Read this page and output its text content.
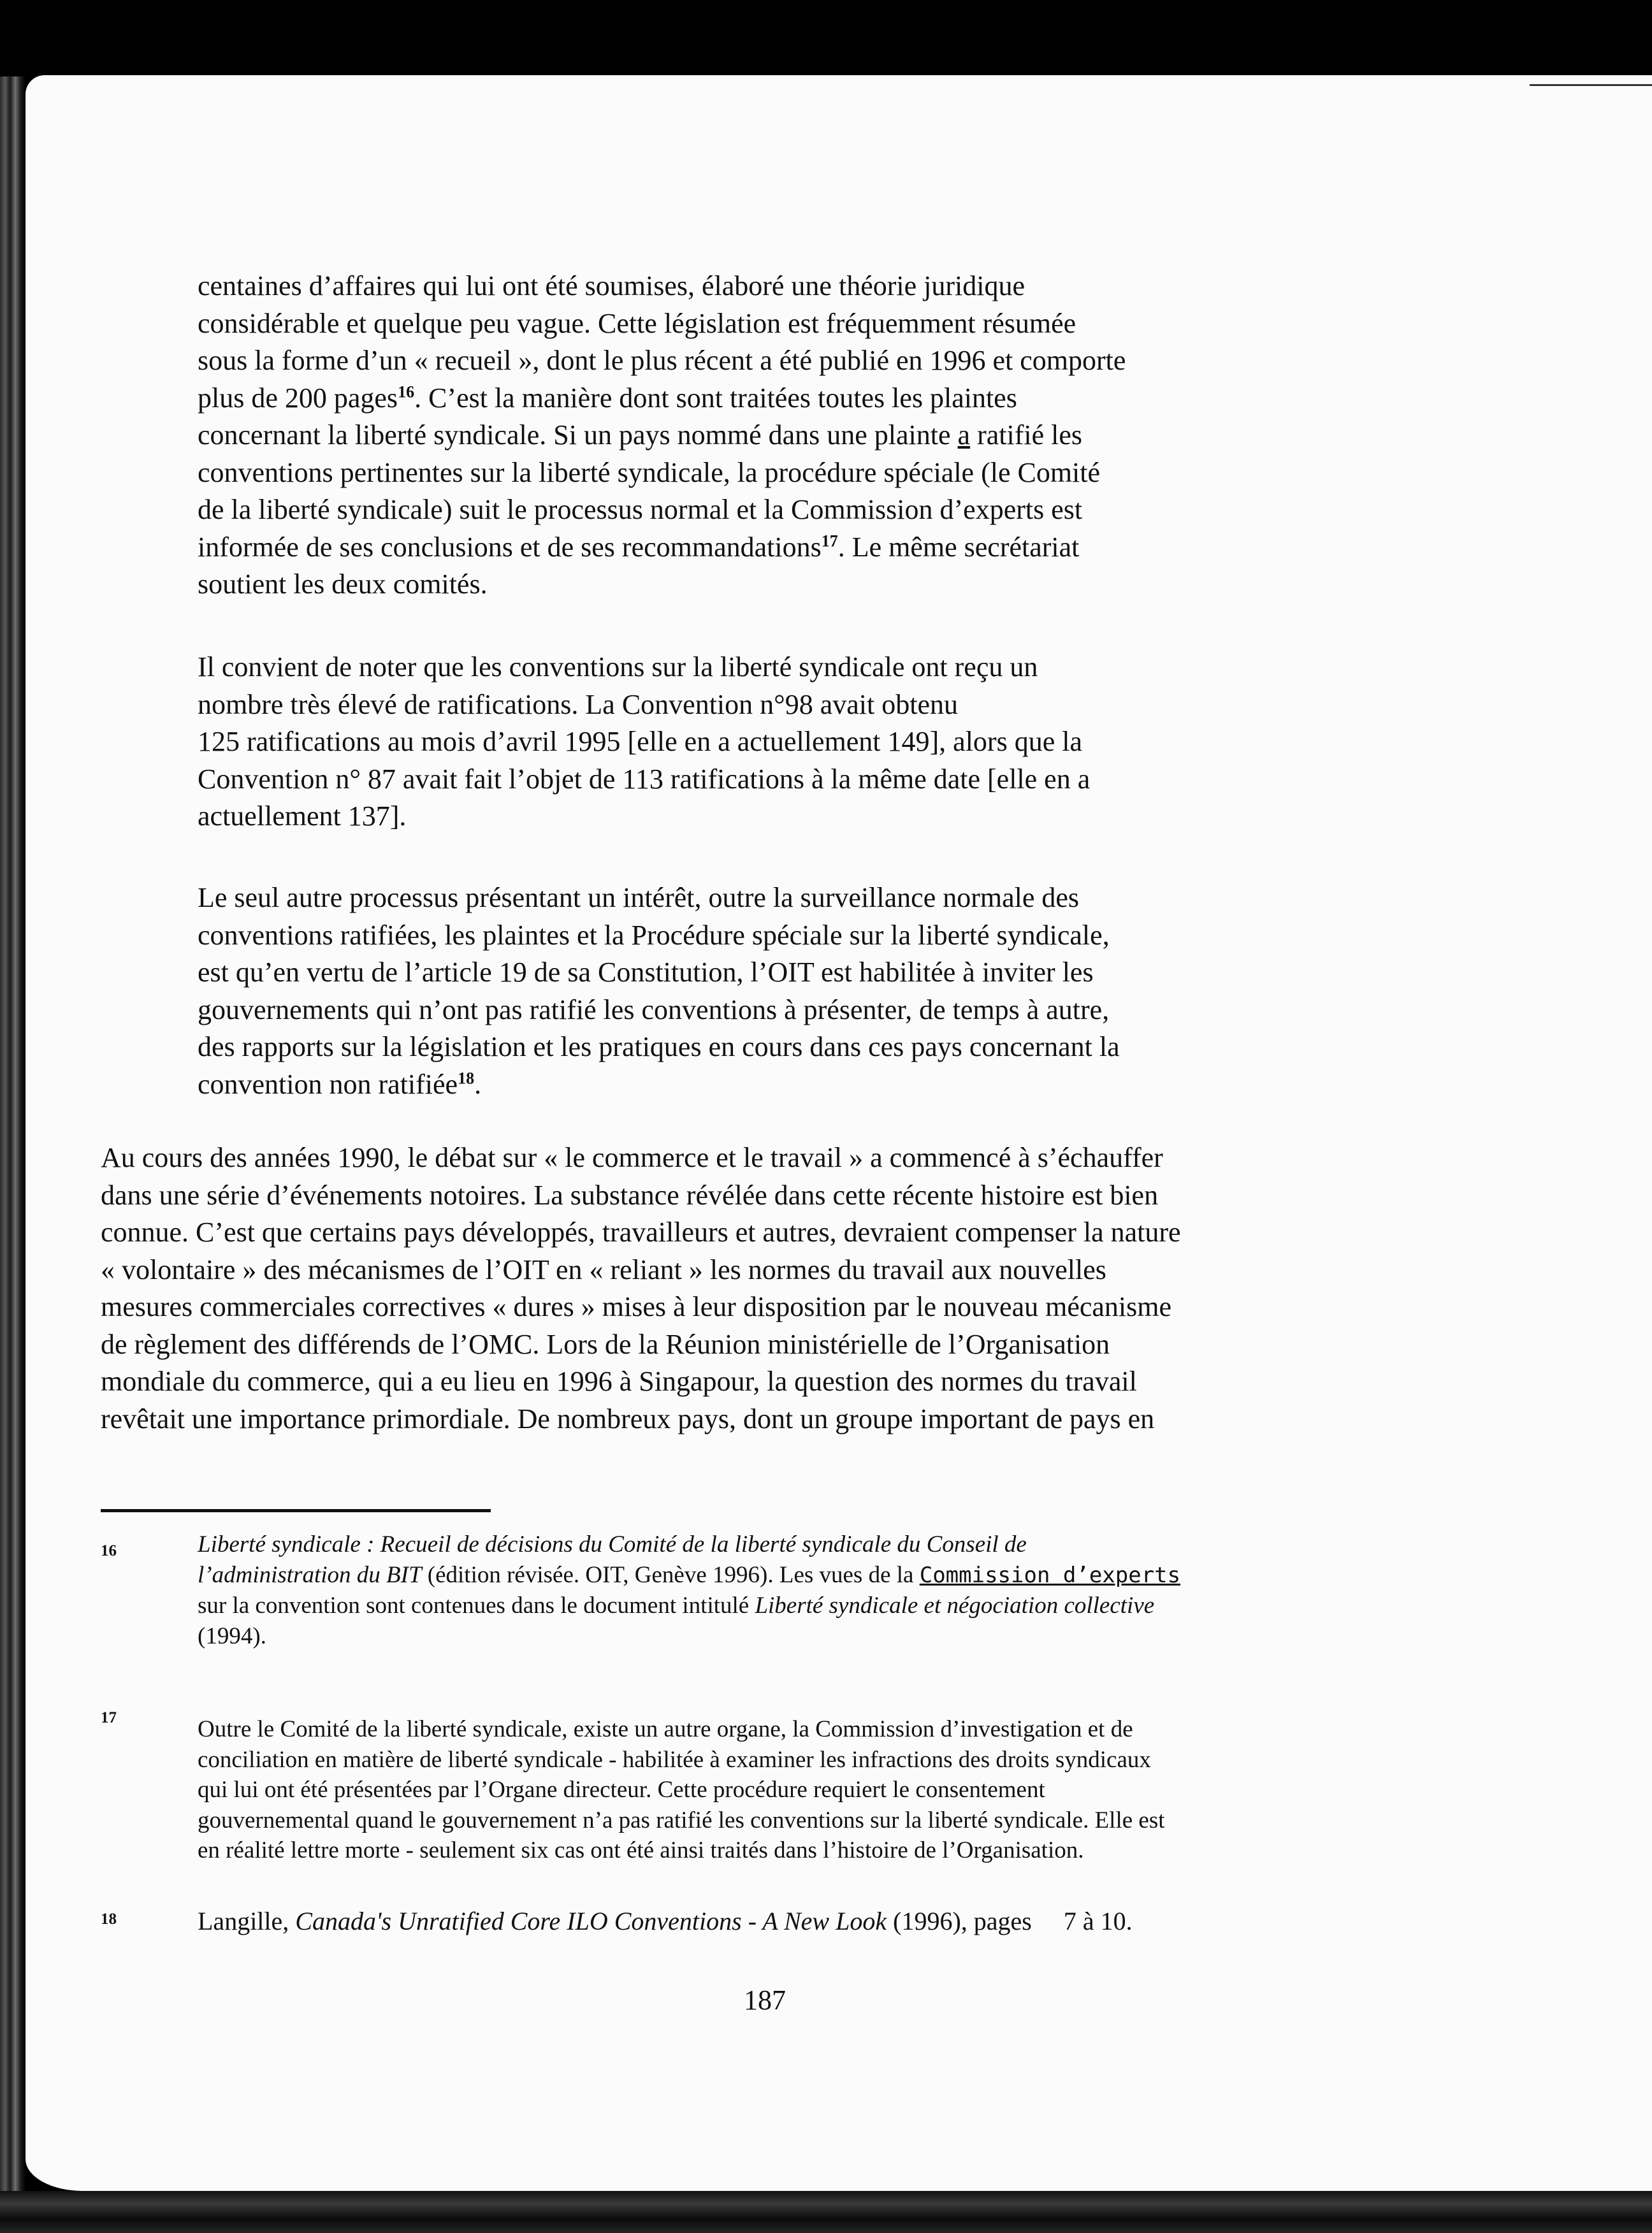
centaines d’affaires qui lui ont été soumises, élaboré une théorie juridique
considérable et quelque peu vague. Cette législation est fréquemment résumée
sous la forme d’un « recueil », dont le plus récent a été publié en 1996 et comporte
plus de 200 pages$^{16}$. C’est la manière dont sont traitées toutes les plaintes
concernant la liberté syndicale. Si un pays nommé dans une plainte a ratifié les
conventions pertinentes sur la liberté syndicale, la procédure spéciale (le Comité
de la liberté syndicale) suit le processus normal et la Commission d’experts est
informée de ses conclusions et de ses recommandations$^{17}$. Le même secrétariat
soutient les deux comités.
Il convient de noter que les conventions sur la liberté syndicale ont reçu un
nombre très élevé de ratifications. La Convention n°98 avait obtenu
125 ratifications au mois d’avril 1995 [elle en a actuellement 149], alors que la
Convention n° 87 avait fait l’objet de 113 ratifications à la même date [elle en a
actuellement 137].
Le seul autre processus présentant un intérêt, outre la surveillance normale des
conventions ratifiées, les plaintes et la Procédure spéciale sur la liberté syndicale,
est qu’en vertu de l’article 19 de sa Constitution, l’OIT est habilitée à inviter les
gouvernements qui n’ont pas ratifié les conventions à présenter, de temps à autre,
des rapports sur la législation et les pratiques en cours dans ces pays concernant la
convention non ratifiée$^{18}$.
Au cours des années 1990, le débat sur « le commerce et le travail » a commencé à s’échauffer
dans une série d’événements notoires. La substance révélée dans cette récente histoire est bien
connue. C’est que certains pays développés, travailleurs et autres, devraient compenser la nature
« volontaire » des mécanismes de l’OIT en « reliant » les normes du travail aux nouvelles
mesures commerciales correctives « dures » mises à leur disposition par le nouveau mécanisme
de règlement des différends de l’OMC. Lors de la Réunion ministérielle de l’Organisation
mondiale du commerce, qui a eu lieu en 1996 à Singapour, la question des normes du travail
revêtait une importance primordiale. De nombreux pays, dont un groupe important de pays en
16	Liberté syndicale : Recueil de décisions du Comité de la liberté syndicale du Conseil de
l’administration du BIT (édition révisée. OIT, Genève 1996). Les vues de la Commission d’experts
sur la convention sont contenues dans le document intitulé Liberté syndicale et négociation collective
(1994).
17	Outre le Comité de la liberté syndicale, existe un autre organe, la Commission d’investigation et de
conciliation en matière de liberté syndicale - habilitée à examiner les infractions des droits syndicaux
qui lui ont été présentées par l’Organe directeur. Cette procédure requiert le consentement
gouvernemental quand le gouvernement n’a pas ratifié les conventions sur la liberté syndicale. Elle est
en réalité lettre morte - seulement six cas ont été ainsi traités dans l’histoire de l’Organisation.
18	Langille, Canada's Unratified Core ILO Conventions - A New Look (1996), pages     7 à 10.
187
